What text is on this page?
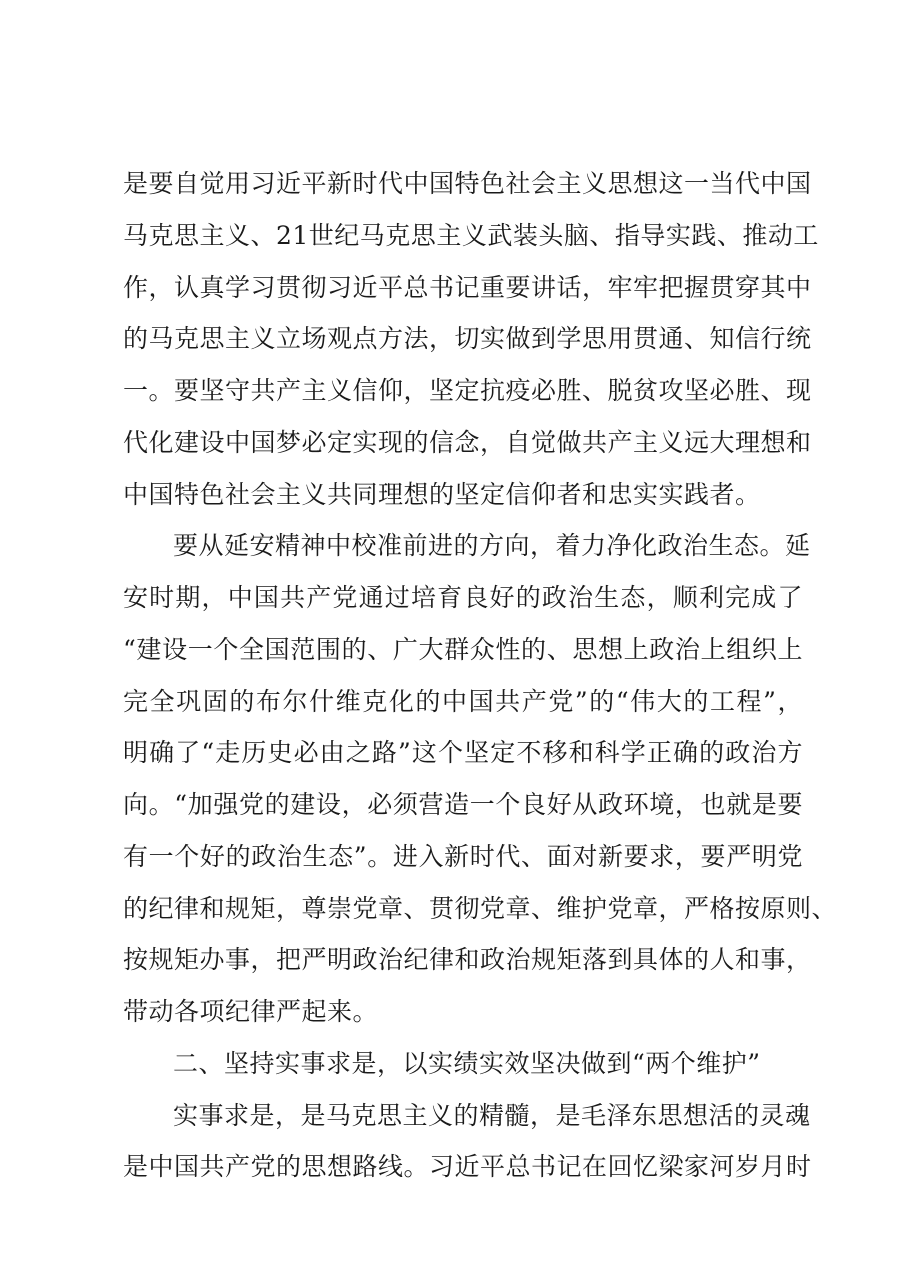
是要自觉用习近平新时代中国特色社会主义思想这一当代中国
马克思主义、21世纪马克思主义武装头脑、指导实践、推动工
作，认真学习贯彻习近平总书记重要讲话，牢牢把握贯穿其中
的马克思主义立场观点方法，切实做到学思用贯通、知信行统
一。要坚守共产主义信仰，坚定抗疫必胜、脱贫攻坚必胜、现
代化建设中国梦必定实现的信念，自觉做共产主义远大理想和
中国特色社会主义共同理想的坚定信仰者和忠实实践者。
要从延安精神中校准前进的方向，着力净化政治生态。延
安时期，中国共产党通过培育良好的政治生态，顺利完成了
“建设一个全国范围的、广大群众性的、思想上政治上组织上
完全巩固的布尔什维克化的中国共产党”的“伟大的工程”，
明确了“走历史必由之路”这个坚定不移和科学正确的政治方
向。“加强党的建设，必须营造一个良好从政环境，也就是要
有一个好的政治生态”。进入新时代、面对新要求，要严明党
的纪律和规矩，尊崇党章、贯彻党章、维护党章，严格按原则、
按规矩办事，把严明政治纪律和政治规矩落到具体的人和事，
带动各项纪律严起来。
二、坚持实事求是，以实绩实效坚决做到“两个维护”
实事求是，是马克思主义的精髓，是毛泽东思想活的灵魂
是中国共产党的思想路线。习近平总书记在回忆梁家河岁月时
